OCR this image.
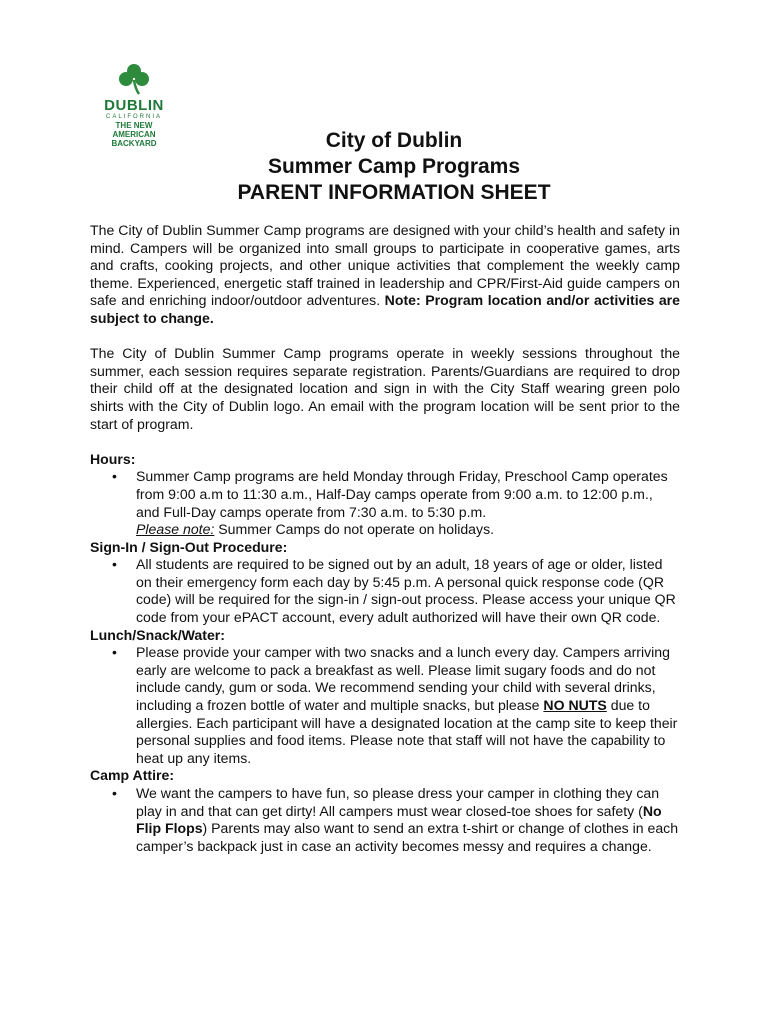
DUBLIN
CALIFORNIA
THE NEW
AMERICAN
BACKYARD	City of Dublin
Summer Camp Programs
PARENT INFORMATION SHEET

The City of Dublin Summer Camp programs are designed with your child’s health and safety in mind. Campers will be organized into small groups to participate in cooperative games, arts and crafts, cooking projects, and other unique activities that complement the weekly camp theme. Experienced, energetic staff trained in leadership and CPR/First-Aid guide campers on safe and enriching indoor/outdoor adventures. Note: Program location and/or activities are subject to change.

The City of Dublin Summer Camp programs operate in weekly sessions throughout the summer, each session requires separate registration. Parents/Guardians are required to drop their child off at the designated location and sign in with the City Staff wearing green polo shirts with the City of Dublin logo. An email with the program location will be sent prior to the start of program.

Hours:
• Summer Camp programs are held Monday through Friday, Preschool Camp operates from 9:00 a.m to 11:30 a.m., Half-Day camps operate from 9:00 a.m. to 12:00 p.m., and Full-Day camps operate from 7:30 a.m. to 5:30 p.m.
Please note: Summer Camps do not operate on holidays.
Sign-In / Sign-Out Procedure:
• All students are required to be signed out by an adult, 18 years of age or older, listed on their emergency form each day by 5:45 p.m. A personal quick response code (QR code) will be required for the sign-in / sign-out process. Please access your unique QR code from your ePACT account, every adult authorized will have their own QR code.
Lunch/Snack/Water:
• Please provide your camper with two snacks and a lunch every day. Campers arriving early are welcome to pack a breakfast as well. Please limit sugary foods and do not include candy, gum or soda. We recommend sending your child with several drinks, including a frozen bottle of water and multiple snacks, but please NO NUTS due to allergies. Each participant will have a designated location at the camp site to keep their personal supplies and food items. Please note that staff will not have the capability to heat up any items.
Camp Attire:
• We want the campers to have fun, so please dress your camper in clothing they can play in and that can get dirty! All campers must wear closed-toe shoes for safety (No Flip Flops) Parents may also want to send an extra t-shirt or change of clothes in each camper’s backpack just in case an activity becomes messy and requires a change.
